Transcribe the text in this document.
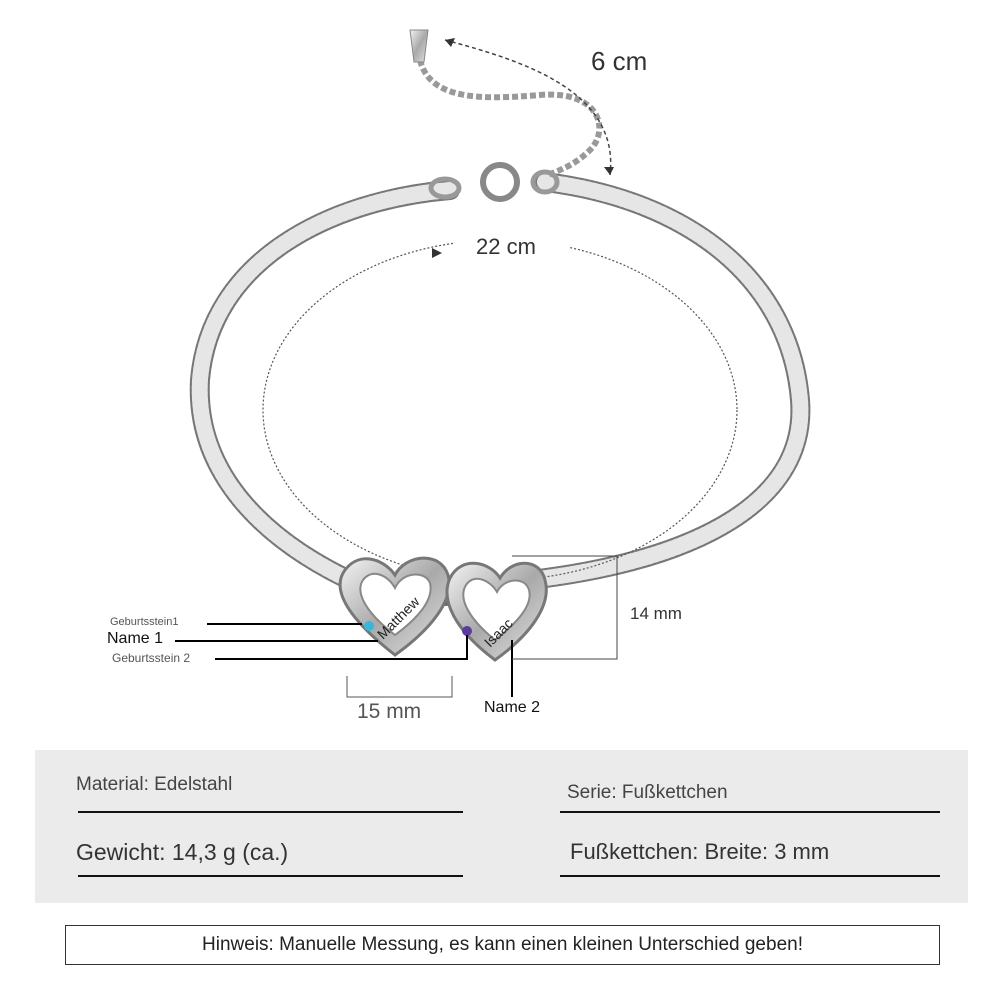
Matthew	Isaac
6 cm
22 cm
14 mm
15 mm
Geburtsstein1
Name 1
Geburtsstein 2
Name 2
Material: Edelstahl	Serie: Fußkettchen
Gewicht: 14,3 g (ca.)	Fußkettchen: Breite: 3 mm
Hinweis: Manuelle Messung, es kann einen kleinen Unterschied geben!
